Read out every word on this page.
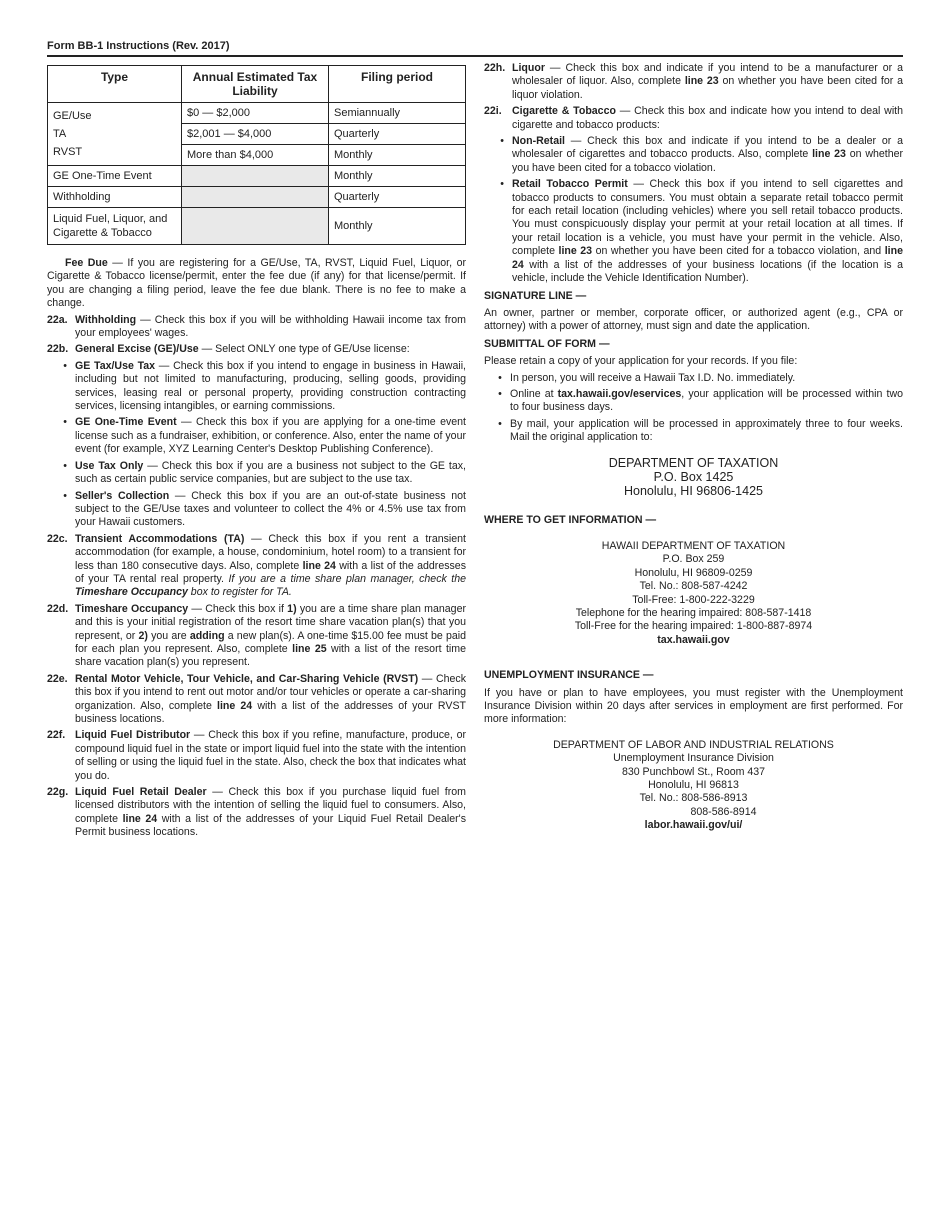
Form BB-1 Instructions (Rev. 2017)
Type	Annual Estimated Tax Liability	Filing period

GE/Use
TA
RVST	$0 — $2,000	Semiannually
	$2,001 — $4,000	Quarterly
	More than $4,000	Monthly
GE One-Time Event		Monthly
Withholding		Quarterly
Liquid Fuel, Liquor, and Cigarette & Tobacco		Monthly

Fee Due — If you are registering for a GE/Use, TA, RVST, Liquid Fuel, Liquor, or Cigarette & Tobacco license/permit, enter the fee due (if any) for that license/permit. If you are changing a filing period, leave the fee due blank. There is no fee to make a change.

22a. Withholding — Check this box if you will be withholding Hawaii income tax from your employees' wages.
22b. General Excise (GE)/Use — Select ONLY one type of GE/Use license:
• GE Tax/Use Tax — Check this box if you intend to engage in business in Hawaii, including but not limited to manufacturing, producing, selling goods, providing services, leasing real or personal property, providing construction contracting services, licensing intangibles, or earning commissions.
• GE One-Time Event — Check this box if you are applying for a one-time event license such as a fundraiser, exhibition, or conference. Also, enter the name of your event (for example, XYZ Learning Center's Desktop Publishing Conference).
• Use Tax Only — Check this box if you are a business not subject to the GE tax, such as certain public service companies, but are subject to the use tax.
• Seller's Collection — Check this box if you are an out-of-state business not subject to the GE/Use taxes and volunteer to collect the 4% or 4.5% use tax from your Hawaii customers.
22c. Transient Accommodations (TA) — Check this box if you rent a transient accommodation (for example, a house, condominium, hotel room) to a transient for less than 180 consecutive days. Also, complete line 24 with a list of the addresses of your TA rental real property. If you are a time share plan manager, check the Timeshare Occupancy box to register for TA.
22d. Timeshare Occupancy — Check this box if 1) you are a time share plan manager and this is your initial registration of the resort time share vacation plan(s) that you represent, or 2) you are adding a new plan(s). A one-time $15.00 fee must be paid for each plan you represent. Also, complete line 25 with a list of the resort time share vacation plan(s) you represent.
22e. Rental Motor Vehicle, Tour Vehicle, and Car-Sharing Vehicle (RVST) — Check this box if you intend to rent out motor and/or tour vehicles or operate a car-sharing organization. Also, complete line 24 with a list of the addresses of your RVST business locations.
22f. Liquid Fuel Distributor — Check this box if you refine, manufacture, produce, or compound liquid fuel in the state or import liquid fuel into the state with the intention of selling or using the liquid fuel in the state. Also, check the box that indicates what you do.
22g. Liquid Fuel Retail Dealer — Check this box if you purchase liquid fuel from licensed distributors with the intention of selling the liquid fuel to consumers. Also, complete line 24 with a list of the addresses of your Liquid Fuel Retail Dealer's Permit business locations.
22h. Liquor — Check this box and indicate if you intend to be a manufacturer or a wholesaler of liquor. Also, complete line 23 on whether you have been cited for a liquor violation.
22i. Cigarette & Tobacco — Check this box and indicate how you intend to deal with cigarette and tobacco products:
• Non-Retail — Check this box and indicate if you intend to be a dealer or a wholesaler of cigarettes and tobacco products. Also, complete line 23 on whether you have been cited for a tobacco violation.
• Retail Tobacco Permit — Check this box if you intend to sell cigarettes and tobacco products to consumers. You must obtain a separate retail tobacco permit for each retail location (including vehicles) where you sell retail tobacco products. You must conspicuously display your permit at your retail location at all times. If your retail location is a vehicle, you must have your permit in the vehicle. Also, complete line 23 on whether you have been cited for a tobacco violation, and line 24 with a list of the addresses of your business locations (if the location is a vehicle, include the Vehicle Identification Number).

SIGNATURE LINE —

An owner, partner or member, corporate officer, or authorized agent (e.g., CPA or attorney) with a power of attorney, must sign and date the application.

SUBMITTAL OF FORM —

Please retain a copy of your application for your records. If you file:

• In person, you will receive a Hawaii Tax I.D. No. immediately.
• Online at tax.hawaii.gov/eservices, your application will be processed within two to four business days.
• By mail, your application will be processed in approximately three to four weeks. Mail the original application to:
DEPARTMENT OF TAXATION
P.O. Box 1425
Honolulu, HI 96806-1425

WHERE TO GET INFORMATION —

HAWAII DEPARTMENT OF TAXATION
P.O. Box 259
Honolulu, HI 96809-0259
Tel. No.: 808-587-4242
Toll-Free: 1-800-222-3229
Telephone for the hearing impaired: 808-587-1418
Toll-Free for the hearing impaired: 1-800-887-8974
tax.hawaii.gov

UNEMPLOYMENT INSURANCE —

If you have or plan to have employees, you must register with the Unemployment Insurance Division within 20 days after services in employment are first performed. For more information:

DEPARTMENT OF LABOR AND INDUSTRIAL RELATIONS
Unemployment Insurance Division
830 Punchbowl St., Room 437
Honolulu, HI 96813
Tel. No.: 808-586-8913
808-586-8914
labor.hawaii.gov/ui/
